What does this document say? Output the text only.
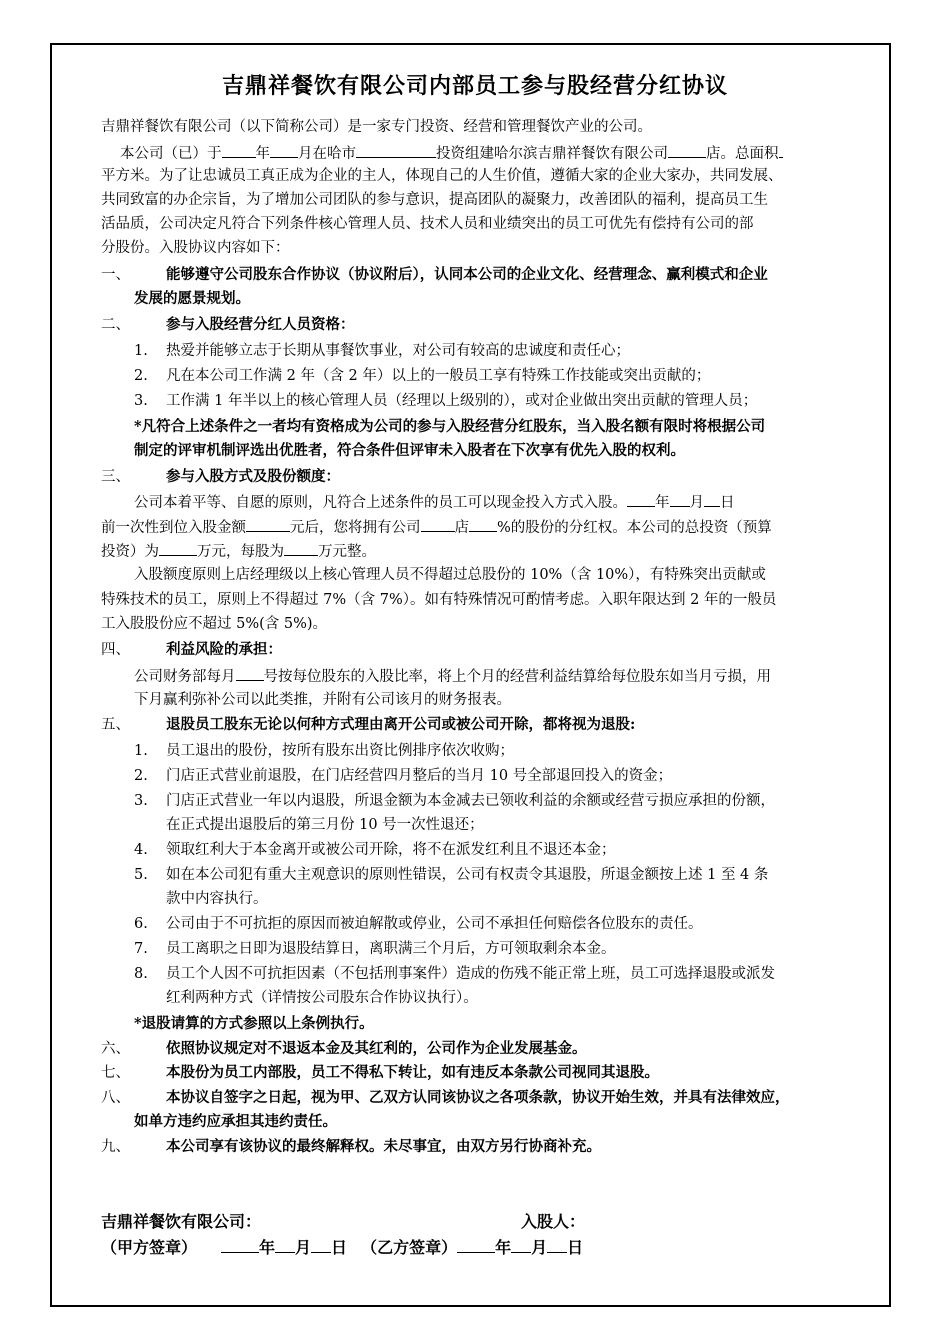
吉鼎祥餐饮有限公司内部员工参与股经营分红协议
吉鼎祥餐饮有限公司（以下简称公司）是一家专门投资、经营和管理餐饮产业的公司。
本公司（已）于 年 月在哈市	投资组建哈尔滨吉鼎祥餐饮有限公司	店。总面积
平方米。为了让忠诚员工真正成为企业的主人，体现自己的人生价值，遵循大家的企业大家办，共同发展、
共同致富的办企宗旨，为了增加公司团队的参与意识，提高团队的凝聚力，改善团队的福利，提高员工生
活品质，公司决定凡符合下列条件核心管理人员、技术人员和业绩突出的员工可优先有偿持有公司的部
分股份。入股协议内容如下：
一、 能够遵守公司股东合作协议（协议附后），认同本公司的企业文化、经营理念、赢利模式和企业
发展的愿景规划。
二、 参与入股经营分红人员资格：
1. 热爱并能够立志于长期从事餐饮事业，对公司有较高的忠诚度和责任心；
2. 凡在本公司工作满 2 年（含 2 年）以上的一般员工享有特殊工作技能或突出贡献的；
3. 工作满 1 年半以上的核心管理人员（经理以上级别的），或对企业做出突出贡献的管理人员；
*凡符合上述条件之一者均有资格成为公司的参与入股经营分红股东，当入股名额有限时将根据公司
制定的评审机制评选出优胜者，符合条件但评审未入股者在下次享有优先入股的权利。
三、 参与入股方式及股份额度：
公司本着平等、自愿的原则，凡符合上述条件的员工可以现金投入方式入股。 年 月 日
前一次性到位入股金额	元后，您将拥有公司 店 %的股份的分红权。本公司的总投资（预算
投资）为	万元，每股为 万元整。
入股额度原则上店经理级以上核心管理人员不得超过总股份的 10%（含 10%），有特殊突出贡献或
特殊技术的员工，原则上不得超过 7%（含 7%）。如有特殊情况可酌情考虑。入职年限达到 2 年的一般员
工入股股份应不超过 5%(含 5%)。
四、 利益风险的承担：
公司财务部每月 号按每位股东的入股比率，将上个月的经营利益结算给每位股东如当月亏损，用
下月赢利弥补公司以此类推，并附有公司该月的财务报表。
五、 退股员工股东无论以何种方式理由离开公司或被公司开除，都将视为退股:
1. 员工退出的股份，按所有股东出资比例排序依次收购；
2. 门店正式营业前退股，在门店经营四月整后的当月 10 号全部退回投入的资金；
3. 门店正式营业一年以内退股，所退金额为本金减去已领收利益的余额或经营亏损应承担的份额，
在正式提出退股后的第三月份 10 号一次性退还；
4. 领取红利大于本金离开或被公司开除，将不在派发红利且不退还本金；
5. 如在本公司犯有重大主观意识的原则性错误，公司有权责令其退股，所退金额按上述 1 至 4 条
款中内容执行。
6. 公司由于不可抗拒的原因而被迫解散或停业，公司不承担任何赔偿各位股东的责任。
7. 员工离职之日即为退股结算日，离职满三个月后，方可领取剩余本金。
8. 员工个人因不可抗拒因素（不包括刑事案件）造成的伤残不能正常上班，员工可选择退股或派发
红利两种方式（详情按公司股东合作协议执行）。
*退股请算的方式参照以上条例执行。
六、 依照协议规定对不退返本金及其红利的，公司作为企业发展基金。
七、 本股份为员工内部股，员工不得私下转让，如有违反本条款公司视同其退股。
八、 本协议自签字之日起，视为甲、乙双方认同该协议之各项条款，协议开始生效，并具有法律效应，
如单方违约应承担其违约责任。
九、 本公司享有该协议的最终解释权。未尽事宜，由双方另行协商补充。
吉鼎祥餐饮有限公司：	入股人：
（甲方签章）	年 月 日 （乙方签章） 年 月 日
